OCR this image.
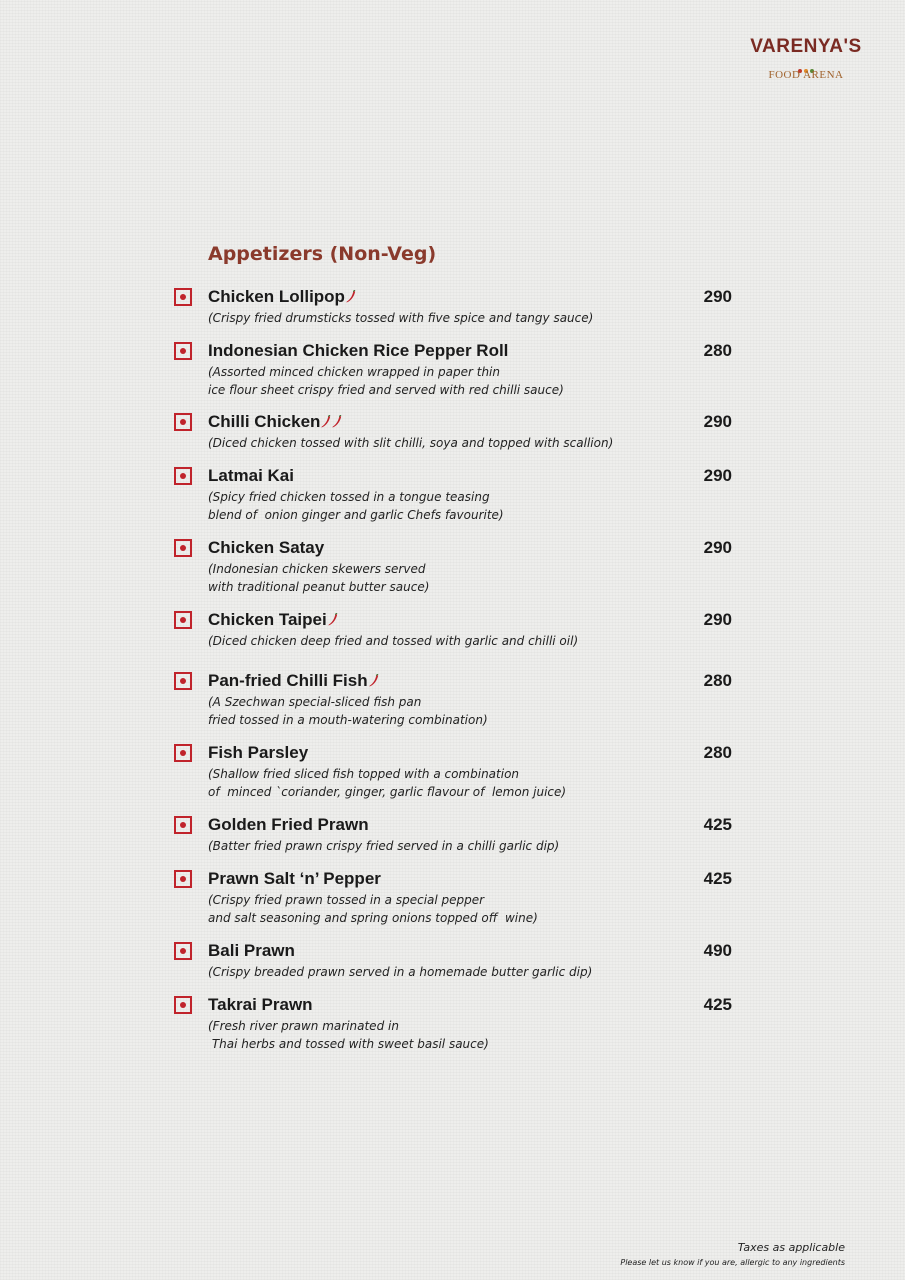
VARENYA'S
FOOD ARENA
Appetizers (Non-Veg)
Chicken Lollipop	290
(Crispy fried drumsticks tossed with five spice and tangy sauce)
Indonesian Chicken Rice Pepper Roll	280
(Assorted minced chicken wrapped in paper thin
ice flour sheet crispy fried and served with red chilli sauce)
Chilli Chicken	290
(Diced chicken tossed with slit chilli, soya and topped with scallion)
Latmai Kai	290
(Spicy fried chicken tossed in a tongue teasing
blend of  onion ginger and garlic Chefs favourite)
Chicken Satay	290
(Indonesian chicken skewers served
with traditional peanut butter sauce)
Chicken Taipei	290
(Diced chicken deep fried and tossed with garlic and chilli oil)
Pan-fried Chilli Fish	280
(A Szechwan special-sliced fish pan
fried tossed in a mouth-watering combination)
Fish Parsley	280
(Shallow fried sliced fish topped with a combination
of  minced `coriander, ginger, garlic flavour of  lemon juice)
Golden Fried Prawn	425
(Batter fried prawn crispy fried served in a chilli garlic dip)
Prawn Salt ‘n’ Pepper	425
(Crispy fried prawn tossed in a special pepper
and salt seasoning and spring onions topped off  wine)
Bali Prawn	490
(Crispy breaded prawn served in a homemade butter garlic dip)
Takrai Prawn	425
(Fresh river prawn marinated in
Thai herbs and tossed with sweet basil sauce)
Taxes as applicable
Please let us know if you are, allergic to any ingredients
